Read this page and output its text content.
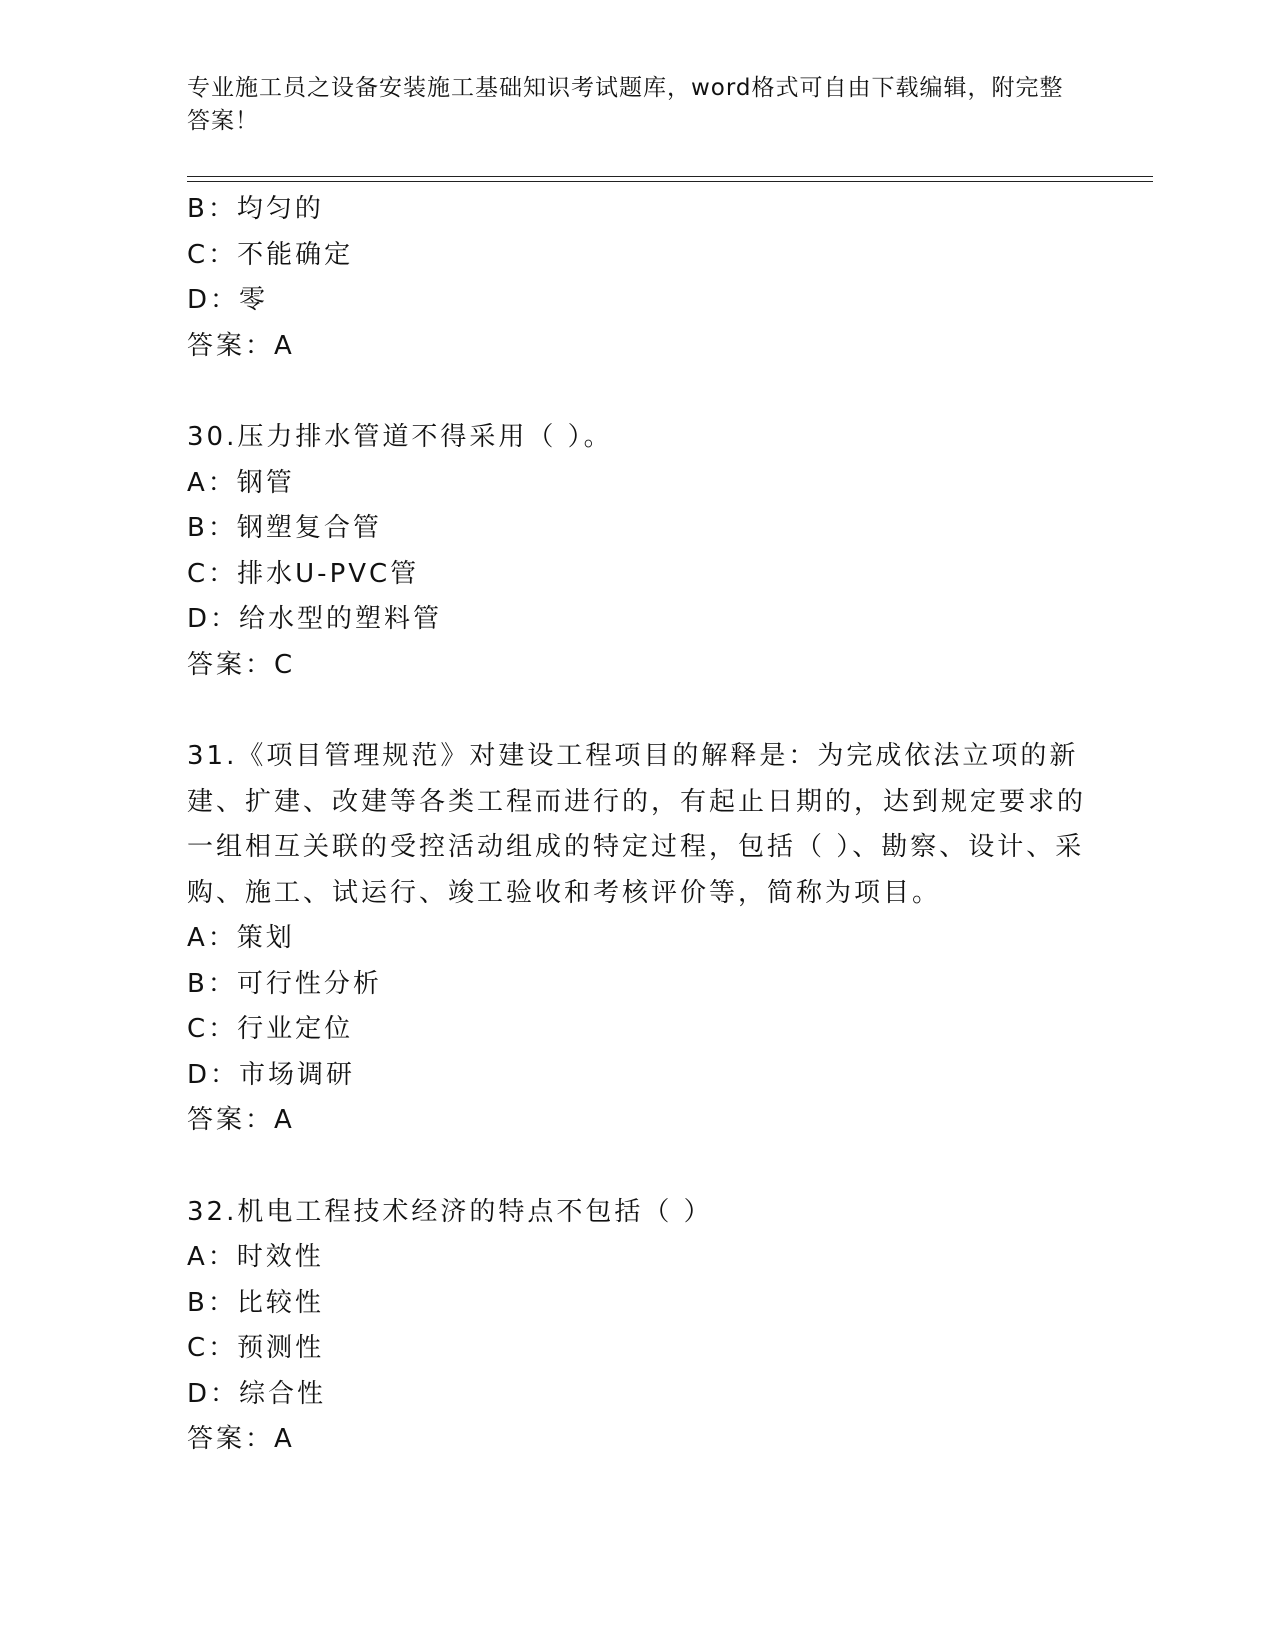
专业施工员之设备安装施工基础知识考试题库，word格式可自由下载编辑，附完整答案！
B：均匀的
C：不能确定
D：零
答案：A
30.压力排水管道不得采用（ ）。
A：钢管
B：钢塑复合管
C：排水U-PVC管
D：给水型的塑料管
答案：C
31.《项目管理规范》对建设工程项目的解释是：为完成依法立项的新建、扩建、改建等各类工程而进行的，有起止日期的，达到规定要求的一组相互关联的受控活动组成的特定过程，包括（ ）、勘察、设计、采购、施工、试运行、竣工验收和考核评价等，简称为项目。
A：策划
B：可行性分析
C：行业定位
D：市场调研
答案：A
32.机电工程技术经济的特点不包括（ ）
A：时效性
B：比较性
C：预测性
D：综合性
答案：A
